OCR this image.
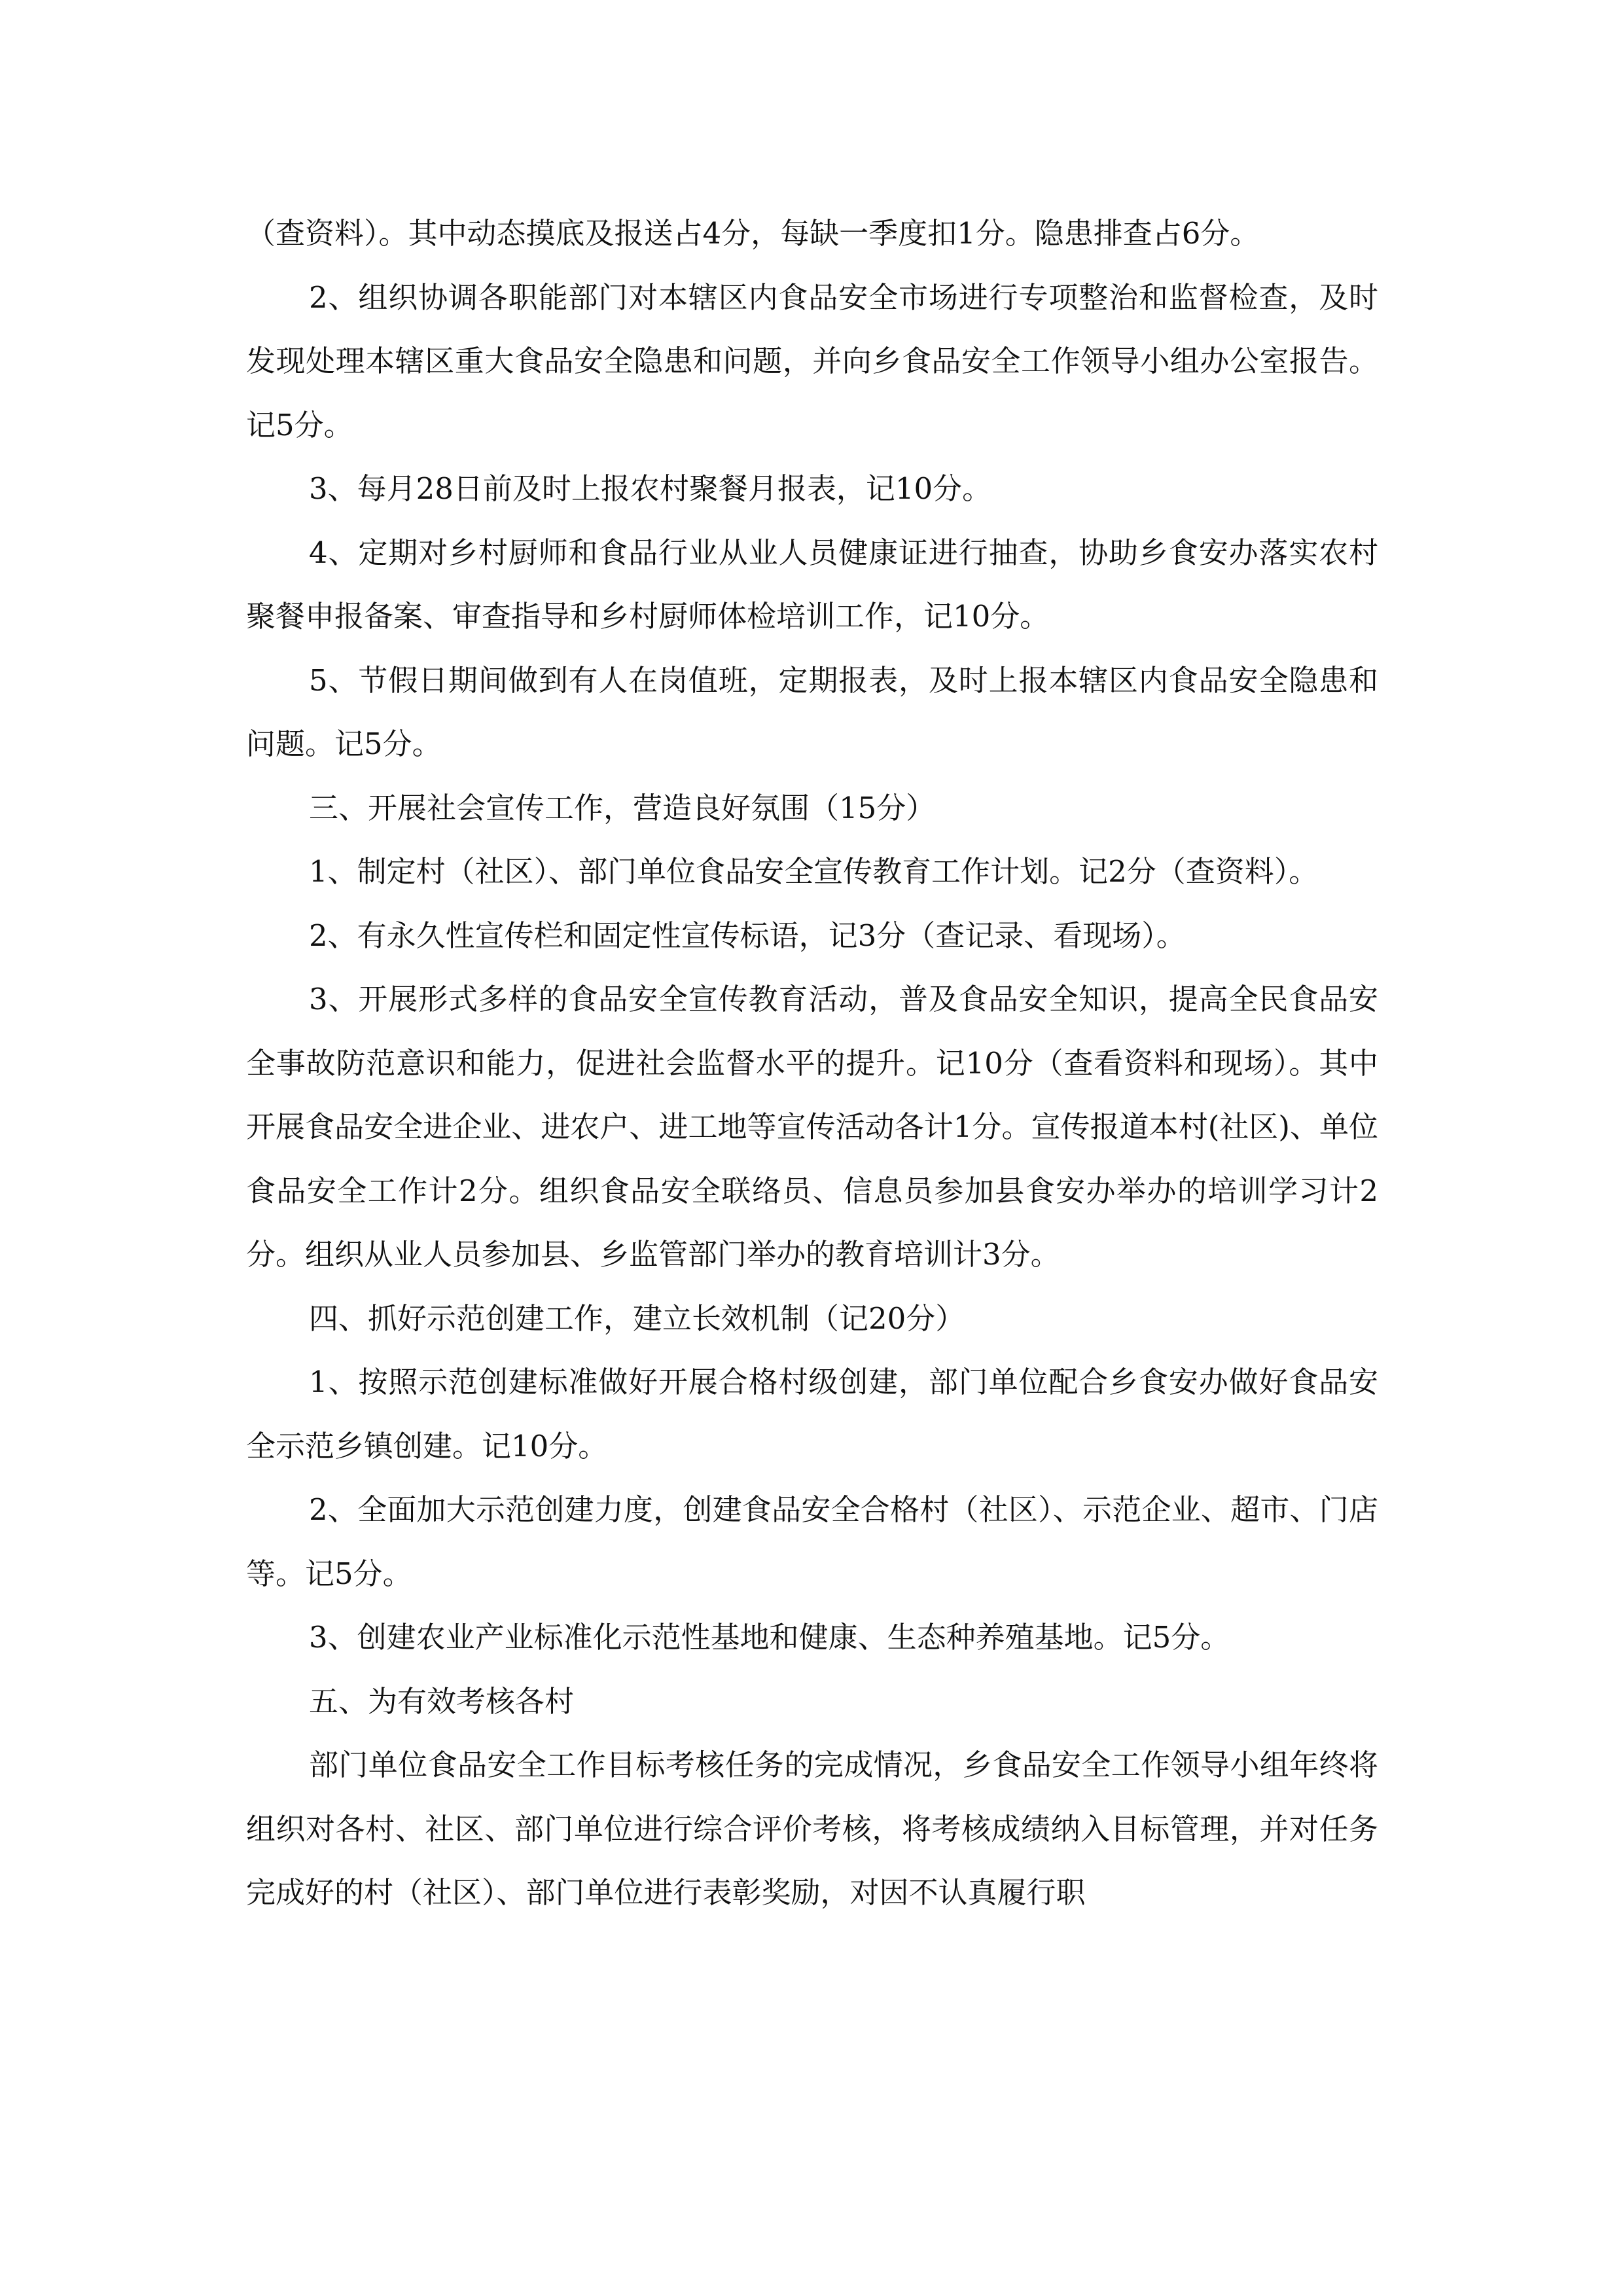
（查资料）。其中动态摸底及报送占4分，每缺一季度扣1分。隐患排查占6分。

2、组织协调各职能部门对本辖区内食品安全市场进行专项整治和监督检查，及时发现处理本辖区重大食品安全隐患和问题，并向乡食品安全工作领导小组办公室报告。记5分。

3、每月28日前及时上报农村聚餐月报表，记10分。

4、定期对乡村厨师和食品行业从业人员健康证进行抽查，协助乡食安办落实农村聚餐申报备案、审查指导和乡村厨师体检培训工作，记10分。

5、节假日期间做到有人在岗值班，定期报表，及时上报本辖区内食品安全隐患和问题。记5分。

三、开展社会宣传工作，营造良好氛围（15分）

1、制定村（社区）、部门单位食品安全宣传教育工作计划。记2分（查资料）。

2、有永久性宣传栏和固定性宣传标语，记3分（查记录、看现场）。

3、开展形式多样的食品安全宣传教育活动，普及食品安全知识，提高全民食品安全事故防范意识和能力，促进社会监督水平的提升。记10分（查看资料和现场）。其中开展食品安全进企业、进农户、进工地等宣传活动各计1分。宣传报道本村(社区)、单位食品安全工作计2分。组织食品安全联络员、信息员参加县食安办举办的培训学习计2分。组织从业人员参加县、乡监管部门举办的教育培训计3分。

四、抓好示范创建工作，建立长效机制（记20分）

1、按照示范创建标准做好开展合格村级创建，部门单位配合乡食安办做好食品安全示范乡镇创建。记10分。

2、全面加大示范创建力度，创建食品安全合格村（社区）、示范企业、超市、门店等。记5分。

3、创建农业产业标准化示范性基地和健康、生态种养殖基地。记5分。

五、为有效考核各村

部门单位食品安全工作目标考核任务的完成情况，乡食品安全工作领导小组年终将组织对各村、社区、部门单位进行综合评价考核，将考核成绩纳入目标管理，并对任务完成好的村（社区）、部门单位进行表彰奖励，对因不认真履行职
